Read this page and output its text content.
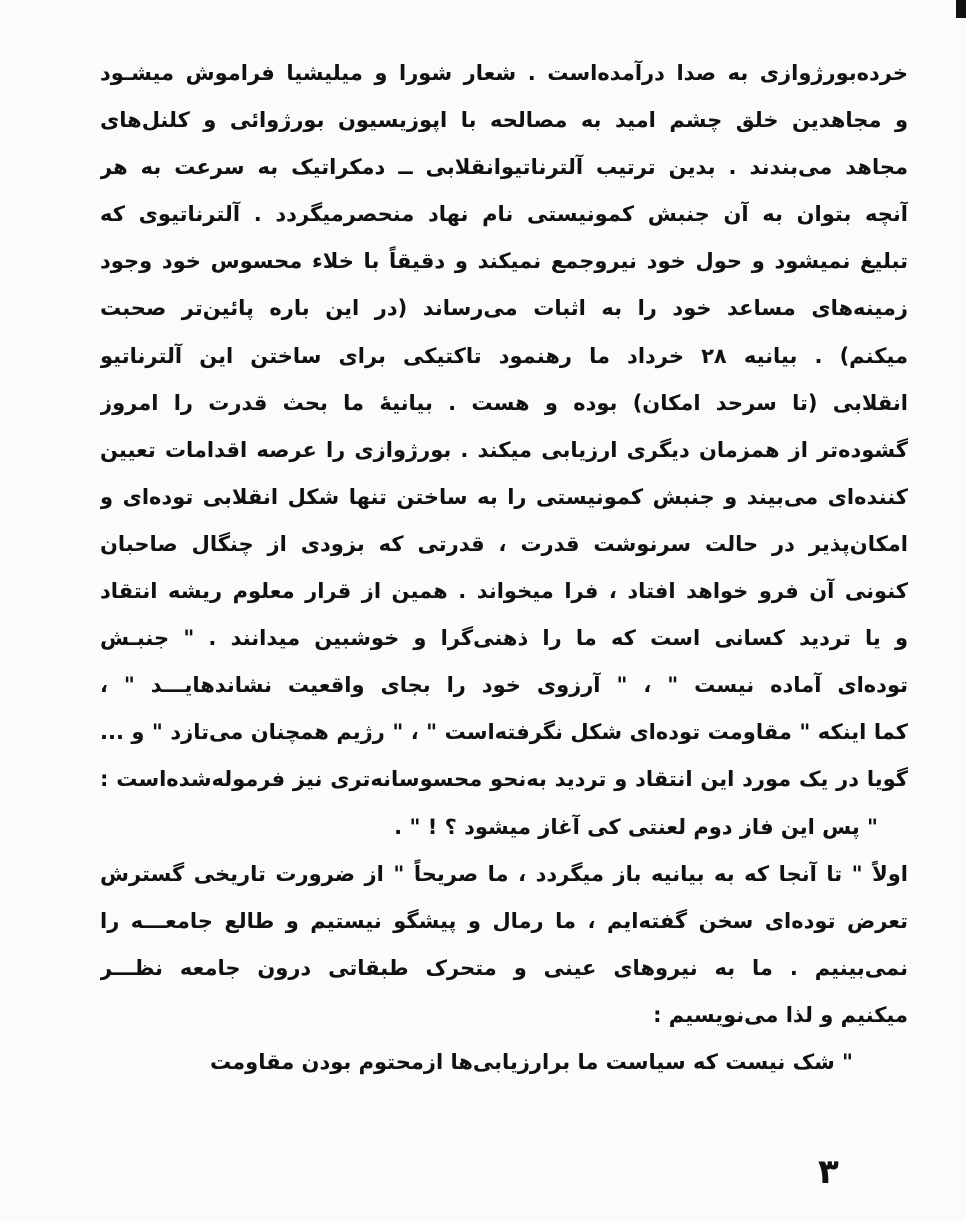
خرده‌بورژوازی به صدا درآمده‌است . شعار شورا و میلیشیا فراموش میشـود
و مجاهدین خلق چشم امید به مصالحه با اپوزیسیون بورژوائی و کلنل‌های
مجاهد می‌بندند . بدین ترتیب آلترناتیوانقلابی ــ دمکراتیک به سرعت به هر
آنچه بتوان به آن جنبش کمونیستی نام نهاد منحصرمیگردد . آلترناتیوی که
تبلیغ نمیشود و حول خود نیروجمع نمیکند و دقیقاً با خلاء محسوس خود وجود
زمینه‌های مساعد خود را به اثبات می‌رساند (در این باره پائین‌تر صحبت
میکنم) . بیانیه ۲۸ خرداد ما رهنمود تاکتیکی برای ساختن این آلترناتیو
انقلابی (تا سرحد امکان) بوده و هست . بیانیهٔ ما بحث قدرت را امروز
گشوده‌تر از همزمان دیگری ارزیابی میکند . بورژوازی را عرصه اقدامات تعیین
کننده‌ای می‌بیند و جنبش کمونیستی را به ساختن تنها شکل انقلابی توده‌ای و
امکان‌پذیر در حالت سرنوشت قدرت ، قدرتی که بزودی از چنگال صاحبان
کنونی آن فرو خواهد افتاد ، فرا میخواند . همین از قرار معلوم ریشه انتقاد
و یا تردید کسانی است که ما را ذهنی‌گرا و خوشبین میدانند . " جنبـش
توده‌ای آماده نیست " ، " آرزوی خود را بجای واقعیت نشاندهایـــد " ،
کما اینکه " مقاومت توده‌ای شکل نگرفته‌است " ، " رژیم همچنان می‌تازد " و ...
گویا در یک مورد این انتقاد و تردید به‌نحو محسوسانه‌تری نیز فرموله‌شده‌است :
" پس این فاز دوم لعنتی کی آغاز میشود ؟ ! " .
اولاً " تا آنجا که به بیانیه باز میگردد ، ما صریحاً " از ضرورت تاریخی گسترش
تعرض توده‌ای سخن گفته‌ایم ، ما رمال و پیشگو نیستیم و طالع جامعـــه را
نمی‌بینیم . ما به نیروهای عینی و متحرک طبقاتی درون جامعه نظـــر
میکنیم و لذا می‌نویسیم :
" شک نیست که سیاست ما برارزیابی‌ها ازمحتوم بودن مقاومت
۳
